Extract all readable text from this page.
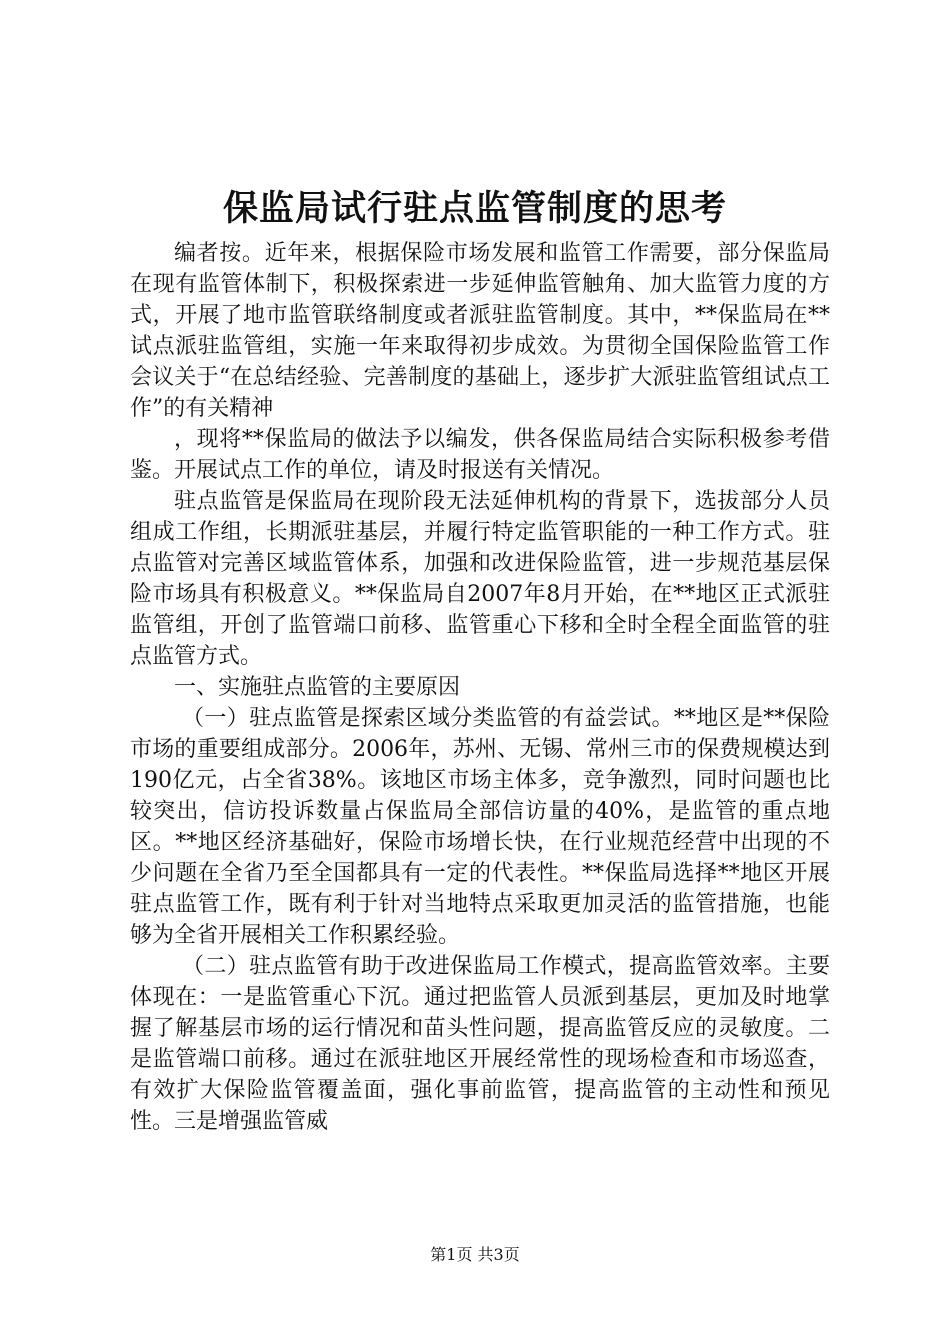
保监局试行驻点监管制度的思考

编者按。近年来，根据保险市场发展和监管工作需要，部分保监局在现有监管体制下，积极探索进一步延伸监管触角、加大监管力度的方式，开展了地市监管联络制度或者派驻监管制度。其中，**保监局在**试点派驻监管组，实施一年来取得初步成效。为贯彻全国保险监管工作会议关于“在总结经验、完善制度的基础上，逐步扩大派驻监管组试点工作”的有关精神

，现将**保监局的做法予以编发，供各保监局结合实际积极参考借鉴。开展试点工作的单位，请及时报送有关情况。

驻点监管是保监局在现阶段无法延伸机构的背景下，选拔部分人员组成工作组，长期派驻基层，并履行特定监管职能的一种工作方式。驻点监管对完善区域监管体系，加强和改进保险监管，进一步规范基层保险市场具有积极意义。**保监局自2007年8月开始，在**地区正式派驻监管组，开创了监管端口前移、监管重心下移和全时全程全面监管的驻点监管方式。

一、实施驻点监管的主要原因

（一）驻点监管是探索区域分类监管的有益尝试。**地区是**保险市场的重要组成部分。2006年，苏州、无锡、常州三市的保费规模达到190亿元，占全省38%。该地区市场主体多，竞争激烈，同时问题也比较突出，信访投诉数量占保监局全部信访量的40%，是监管的重点地区。**地区经济基础好，保险市场增长快，在行业规范经营中出现的不少问题在全省乃至全国都具有一定的代表性。**保监局选择**地区开展驻点监管工作，既有利于针对当地特点采取更加灵活的监管措施，也能够为全省开展相关工作积累经验。

（二）驻点监管有助于改进保监局工作模式，提高监管效率。主要体现在：一是监管重心下沉。通过把监管人员派到基层，更加及时地掌握了解基层市场的运行情况和苗头性问题，提高监管反应的灵敏度。二是监管端口前移。通过在派驻地区开展经常性的现场检查和市场巡查，有效扩大保险监管覆盖面，强化事前监管，提高监管的主动性和预见性。三是增强监管威

第1页 共3页
